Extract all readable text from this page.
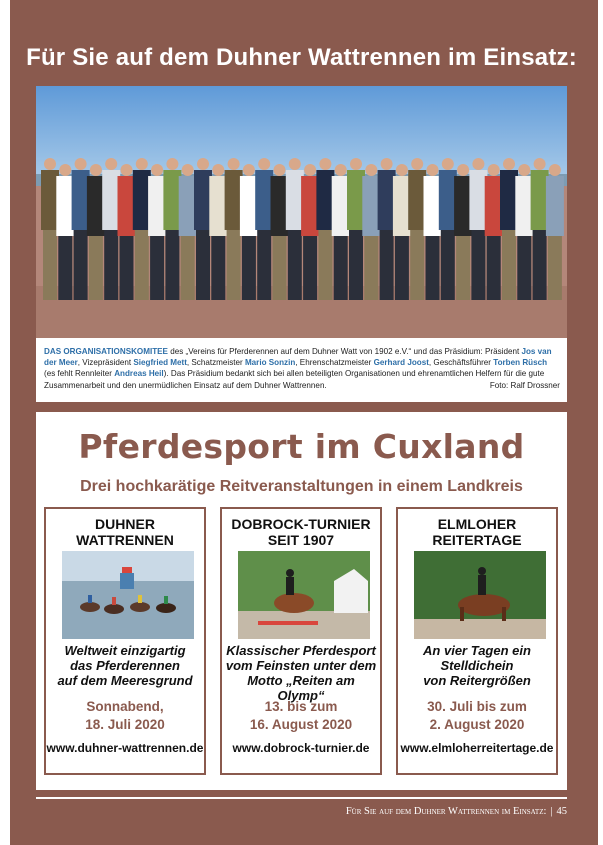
Für Sie auf dem Duhner Wattrennen im Einsatz:
DAS ORGANISATIONSKOMITEE des „Vereins für Pferderennen auf dem Duhner Watt von 1902 e.V.“ und das Präsidium: Präsident Jos van der Meer, Vizepräsident Siegfried Mett, Schatzmeister Mario Sonzin, Ehrenschatzmeister Gerhard Joost, Geschäftsführer Torben Rüsch (es fehlt Rennleiter Andreas Heil). Das Präsidium bedankt sich bei allen beteiligten Organisationen und ehrenamtlichen Helfern für die gute Zusammenarbeit und den unermüdlichen Einsatz auf dem Duhner Wattrennen.	Foto: Ralf Drossner
Pferdesport im Cuxland
Drei hochkarätige Reitveranstaltungen in einem Landkreis
DUHNER WATTRENNEN
Weltweit einzigartig
das Pferderennen
auf dem Meeresgrund
Sonnabend,
18. Juli 2020
www.duhner-wattrennen.de
DOBROCK-TURNIER
SEIT 1907
Klassischer Pferdesport
vom Feinsten unter dem
Motto „Reiten am Olymp“
13. bis zum
16. August 2020
www.dobrock-turnier.de
ELMLOHER REITERTAGE
An vier Tagen ein
Stelldichein
von Reitergrößen
30. Juli bis zum
2. August 2020
www.elmloherreitertage.de
Für Sie auf dem Duhner Wattrennen im Einsatz: | 45
